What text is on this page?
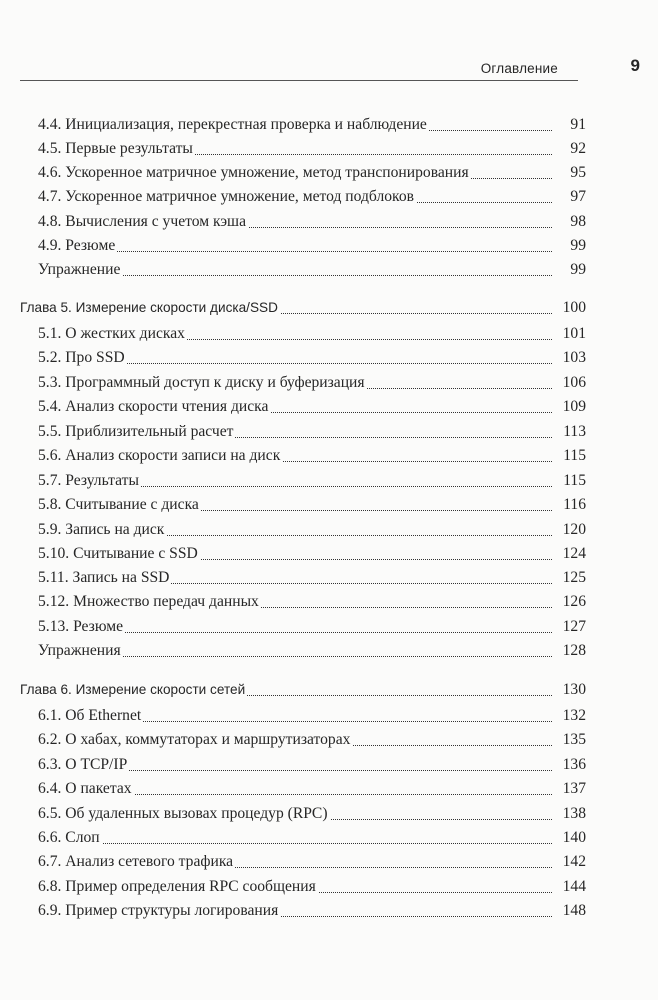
Оглавление	9
4.4. Инициализация, перекрестная проверка и наблюдение	91
4.5. Первые результаты	92
4.6. Ускоренное матричное умножение, метод транспонирования	95
4.7. Ускоренное матричное умножение, метод подблоков	97
4.8. Вычисления с учетом кэша	98
4.9. Резюме	99
Упражнение	99
Глава 5. Измерение скорости диска/SSD	100
5.1. О жестких дисках	101
5.2. Про SSD	103
5.3. Программный доступ к диску и буферизация	106
5.4. Анализ скорости чтения диска	109
5.5. Приблизительный расчет	113
5.6. Анализ скорости записи на диск	115
5.7. Результаты	115
5.8. Считывание с диска	116
5.9. Запись на диск	120
5.10. Считывание с SSD	124
5.11. Запись на SSD	125
5.12. Множество передач данных	126
5.13. Резюме	127
Упражнения	128
Глава 6. Измерение скорости сетей	130
6.1. Об Ethernet	132
6.2. О хабах, коммутаторах и маршрутизаторах	135
6.3. О TCP/IP	136
6.4. О пакетах	137
6.5. Об удаленных вызовах процедур (RPC)	138
6.6. Слоп	140
6.7. Анализ сетевого трафика	142
6.8. Пример определения RPC сообщения	144
6.9. Пример структуры логирования	148
